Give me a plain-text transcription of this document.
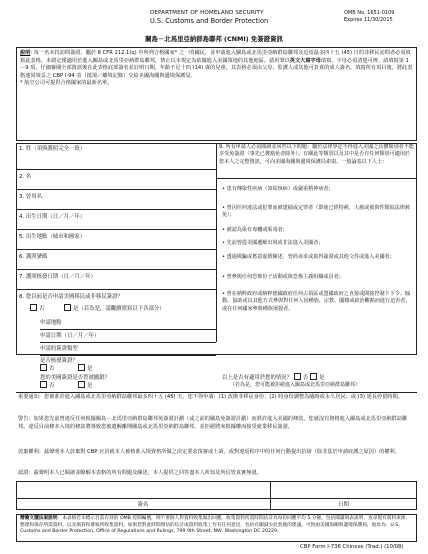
DEPARTMENT OF HOMELAND SECURITY
U.S. Customs and Border Protection
OMB No. 1651-0109
Expires 11/30/2015
關島－北馬里亞納群島聯邦 (CNMI) 免簽證資訊
說明: 每一名未持訪問簽證、屬於 8 CFR 212.1(q) 中所列合格國家* 之一的國民，並申請進入關島或北馬里亞納群島聯邦及逗留最多四十五 (45) 日的非移民訪問者必須填寫此表格。本證定僅適用於進入關島或北馬里亞納群島聯邦，禁止以本規定為依據進入美國領地的其他地區。請用筆以英文大寫字母填寫，字母必須清楚可辨。請填寫第 1－9 項，仔細審閱全部資訊後在此表格底部簽名並註明日期。年齡不足十四 (14) 歲的兒童，其表格必須由父母、監護人或其他可負責的成人簽名。填寫所有項目後，將此表格連同填妥之 CBP I-94 表（抵境／離境記錄）交給美國海關與邊境保護局。
* 航空公司可提供合格國家的最新名單。
1. 姓（須與護照完全一致）
2. 名
3. 曾用名
4. 出生日期（日／月／年）
5. 出生地點（城市和國家）
6. 護照號碼
7. 護照核發日期（日／月／年）
8. 您以前是否申請美國移民或非移民簽證？
否	是（若為是，請繼續填寫以下各部分）
申請地點
申請日期（日／月／年）
申請的簽證類型
9. 所有申請人必須閱讀並回答以下問題：屬於法律界定不得進入美國之具體類別者不能享受免簽證（事先已獲豁免者除外）。有關此等類別以及其中是否有任何類別可適用於您本人之完整資訊，可向美國海關與邊境保護局索取。一般論基以下人士：
• 患有傳染性疾病（如結核病）或嚴重精神病者；
• 曾因任何違法或犯罪而被逮捕或定罪者（即使已經特赦、大赦或被與性類似法律赦免）；
• 被認為染有毒癮或販毒者；
• 先前曾從美國遞解出境或非法進入美國者；
• 透過欺騙或蓄意虛假陳述，曾經尋求或取得簽證或其他文件或進入美國者；
• 曾參與任何恐怖份子活動或與恐怖主義組織成員者；
• 曾在納粹政府或納粹德國政府任何占領區或盟國政府之直接或間接控制下下令、煽動、協助或以其他方式參與對任何人因種族、宗教、國籍或政治觀點而進行迫害者，或在任何國家參與種族屠殺者。
是否核發簽證？
否	是
您的美國簽證是否曾被撤銷？
否	是
以上是否有適用於您的情況？ 否 是
（若為是，您可能被拒絕進入關島或北馬里亞納群島聯邦）
重要通知：您被准許進入關島或北馬里亞納群島聯邦最多四十五 (45) 天，您不得申請：(1) 改換非移民身份；(2) 時身份調整為臨時或永久居民；或 (3) 延長停留時間。
警告：如果您先前曾違反任何根據關島－北馬里亞納群島聯邦免簽證計劃（或之前的關島免簽證計劃）而准許進入美國的條款，您就沒有資格進入關島或北馬里亞納群島聯邦。違反目前條本入境的條款將導致您被遣解離開關島或北馬里亞納群島聯邦，並拒絕將來根據權而接受就業移民簽證。
放棄權利：茲聲明本人放棄對 CBP 官員就本人被核准入境資格所做之決定要求復審或上訴，或對違返程序中的任何行動提出抗辯（除非基於申請庇護之原因）的權利。
認證：茲聲明本人已閱讀並瞭解本表格的所有問題及陳述。本人提供之回答盡本人所知及所信皆真實無訛。
簽名	日期
精簡文牘法案說明：本表格若未標示目前有效的 OMB 控制編號，則不要個人對資料收集做出回應。收集資料所需時間估計為每份回應平均 5 分鐘。包括閱讀填表說明、查尋現有資料來源、整理和保存所需資料，以及填寫和審核所收集資料。如果您對此時間預估的估計或資料收集工作有任何意見，包括有關減少此負擔的建議，可致函美國海關與邊境保護局，地址為：U.S. Customs and Border Protection, Office of Regulations and Rulings, 799 9th Street, NW, Washington DC 20229.
CBP Form I-736 Chinese (Trad.) (10/08)
